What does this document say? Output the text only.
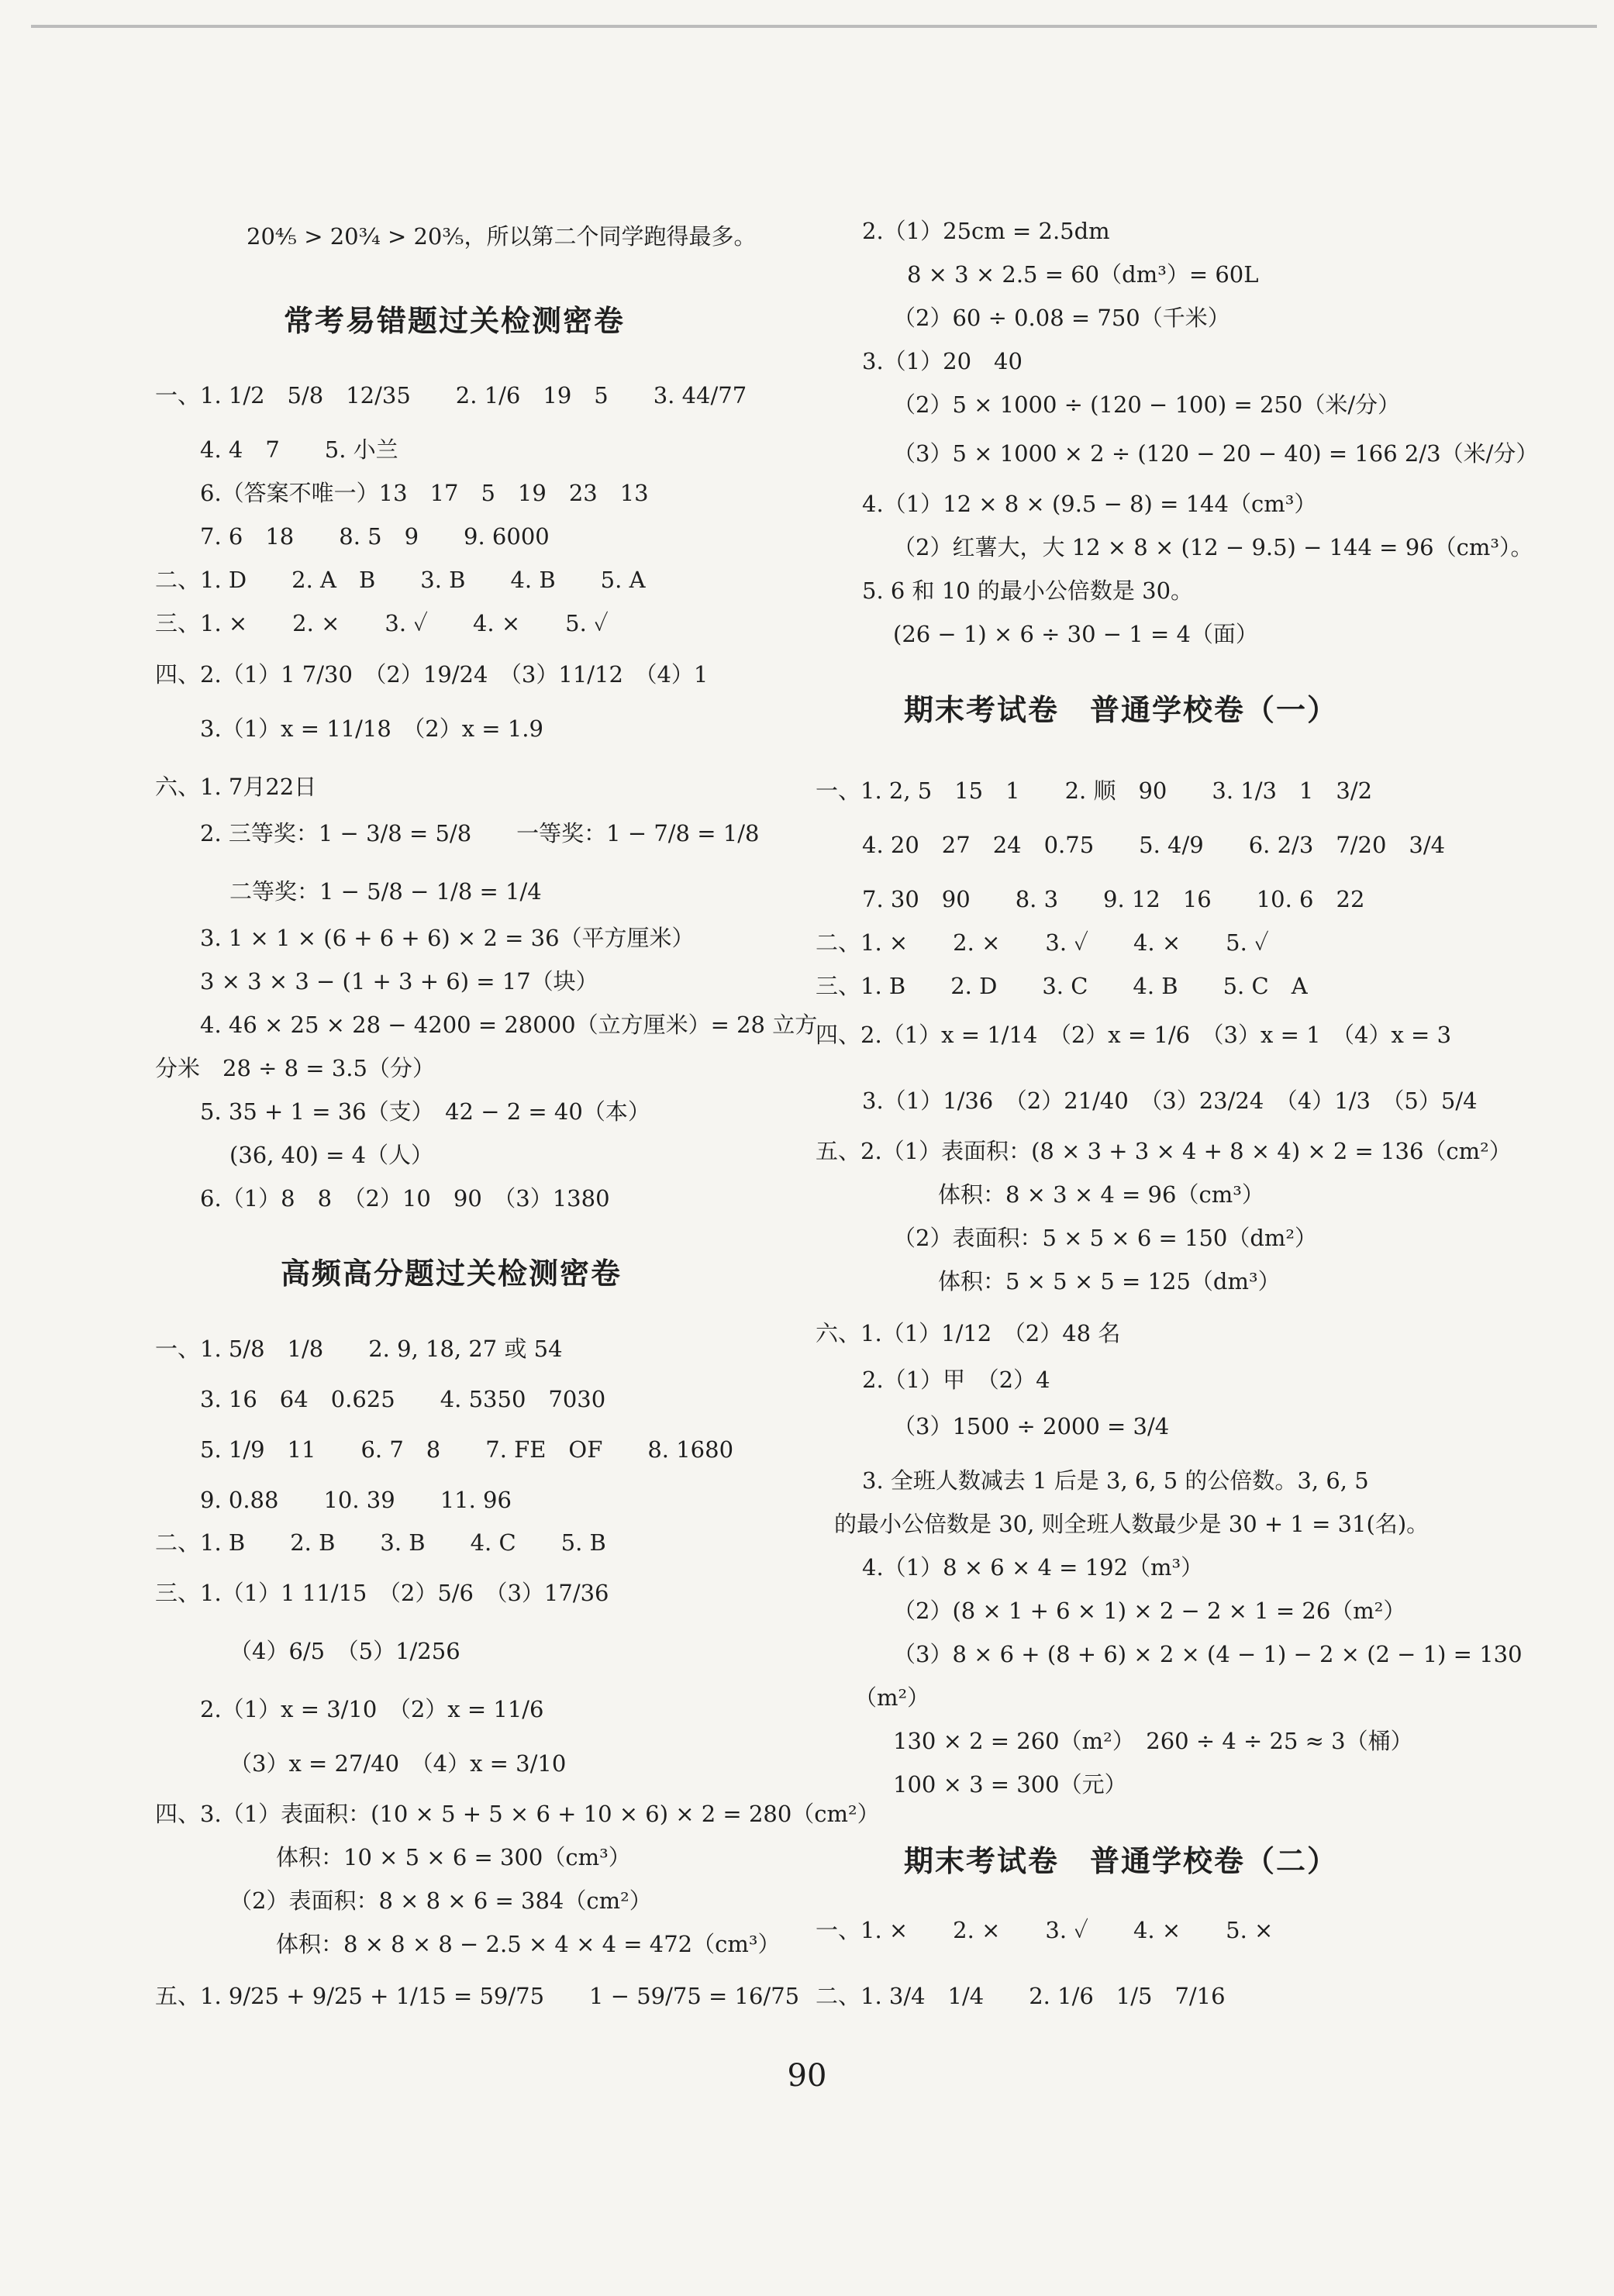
20⁴⁄₅ > 20³⁄₄ > 20³⁄₅，所以第二个同学跑得最多。
常考易错题过关检测密卷
一、1. 1/2　5/8　12/35　　2. 1/6　19　5　　3. 44/77
4. 4　7　　5. 小兰
6.（答案不唯一）13　17　5　19　23　13
7. 6　18　　8. 5　9　　9. 6000
二、1. D　　2. A　B　　3. B　　4. B　　5. A
三、1. ×　　2. ×　　3. ✓　　4. ×　　5. ✓
四、2.（1）1 7/30　（2）19/24　（3）11/12　（4）1
3.（1）x = 11/18　（2）x = 1.9
六、1. 7月22日
2. 三等奖：1 − 3/8 = 5/8　　一等奖：1 − 7/8 = 1/8
二等奖：1 − 5/8 − 1/8 = 1/4
3. 1 × 1 × (6 + 6 + 6) × 2 = 36（平方厘米）
3 × 3 × 3 − (1 + 3 + 6) = 17（块）
4. 46 × 25 × 28 − 4200 = 28000（立方厘米）= 28 立方
分米　28 ÷ 8 = 3.5（分）
5. 35 + 1 = 36（支）　42 − 2 = 40（本）
(36, 40) = 4（人）
6.（1）8　8　（2）10　90　（3）1380
高频高分题过关检测密卷
一、1. 5/8　1/8　　2. 9, 18, 27 或 54
3. 16　64　0.625　　4. 5350　7030
5. 1/9　11　　6. 7　8　　7. FE　OF　　8. 1680
9. 0.88　　10. 39　　11. 96
二、1. B　　2. B　　3. B　　4. C　　5. B
三、1.（1）1 11/15　（2）5/6　（3）17/36
（4）6/5　（5）1/256
2.（1）x = 3/10　（2）x = 11/6
（3）x = 27/40　（4）x = 3/10
四、3.（1）表面积：(10 × 5 + 5 × 6 + 10 × 6) × 2 = 280（cm²）
体积：10 × 5 × 6 = 300（cm³）
（2）表面积：8 × 8 × 6 = 384（cm²）
体积：8 × 8 × 8 − 2.5 × 4 × 4 = 472（cm³）
五、1. 9/25 + 9/25 + 1/15 = 59/75　　1 − 59/75 = 16/75
2.（1）25cm = 2.5dm
8 × 3 × 2.5 = 60（dm³）= 60L
（2）60 ÷ 0.08 = 750（千米）
3.（1）20　40
（2）5 × 1000 ÷ (120 − 100) = 250（米/分）
（3）5 × 1000 × 2 ÷ (120 − 20 − 40) = 166 2/3（米/分）
4.（1）12 × 8 × (9.5 − 8) = 144（cm³）
（2）红薯大，大 12 × 8 × (12 − 9.5) − 144 = 96（cm³）。
5. 6 和 10 的最小公倍数是 30。
(26 − 1) × 6 ÷ 30 − 1 = 4（面）
期末考试卷　普通学校卷（一）
一、1. 2, 5　15　1　　2. 顺　90　　3. 1/3　1　3/2
4. 20　27　24　0.75　　5. 4/9　　6. 2/3　7/20　3/4
7. 30　90　　8. 3　　9. 12　16　　10. 6　22
二、1. ×　　2. ×　　3. ✓　　4. ×　　5. ✓
三、1. B　　2. D　　3. C　　4. B　　5. C　A
四、2.（1）x = 1/14　（2）x = 1/6　（3）x = 1　（4）x = 3
3.（1）1/36　（2）21/40　（3）23/24　（4）1/3　（5）5/4
五、2.（1）表面积：(8 × 3 + 3 × 4 + 8 × 4) × 2 = 136（cm²）
体积：8 × 3 × 4 = 96（cm³）
（2）表面积：5 × 5 × 6 = 150（dm²）
体积：5 × 5 × 5 = 125（dm³）
六、1.（1）1/12　（2）48 名
2.（1）甲　（2）4
（3）1500 ÷ 2000 = 3/4
3. 全班人数减去 1 后是 3, 6, 5 的公倍数。3, 6, 5
的最小公倍数是 30, 则全班人数最少是 30 + 1 = 31(名)。
4.（1）8 × 6 × 4 = 192（m³）
（2）(8 × 1 + 6 × 1) × 2 − 2 × 1 = 26（m²）
（3）8 × 6 + (8 + 6) × 2 × (4 − 1) − 2 × (2 − 1) = 130
（m²）
130 × 2 = 260（m²）　260 ÷ 4 ÷ 25 ≈ 3（桶）
100 × 3 = 300（元）
期末考试卷　普通学校卷（二）
一、1. ×　　2. ×　　3. ✓　　4. ×　　5. ×
二、1. 3/4　1/4　　2. 1/6　1/5　7/16
90
